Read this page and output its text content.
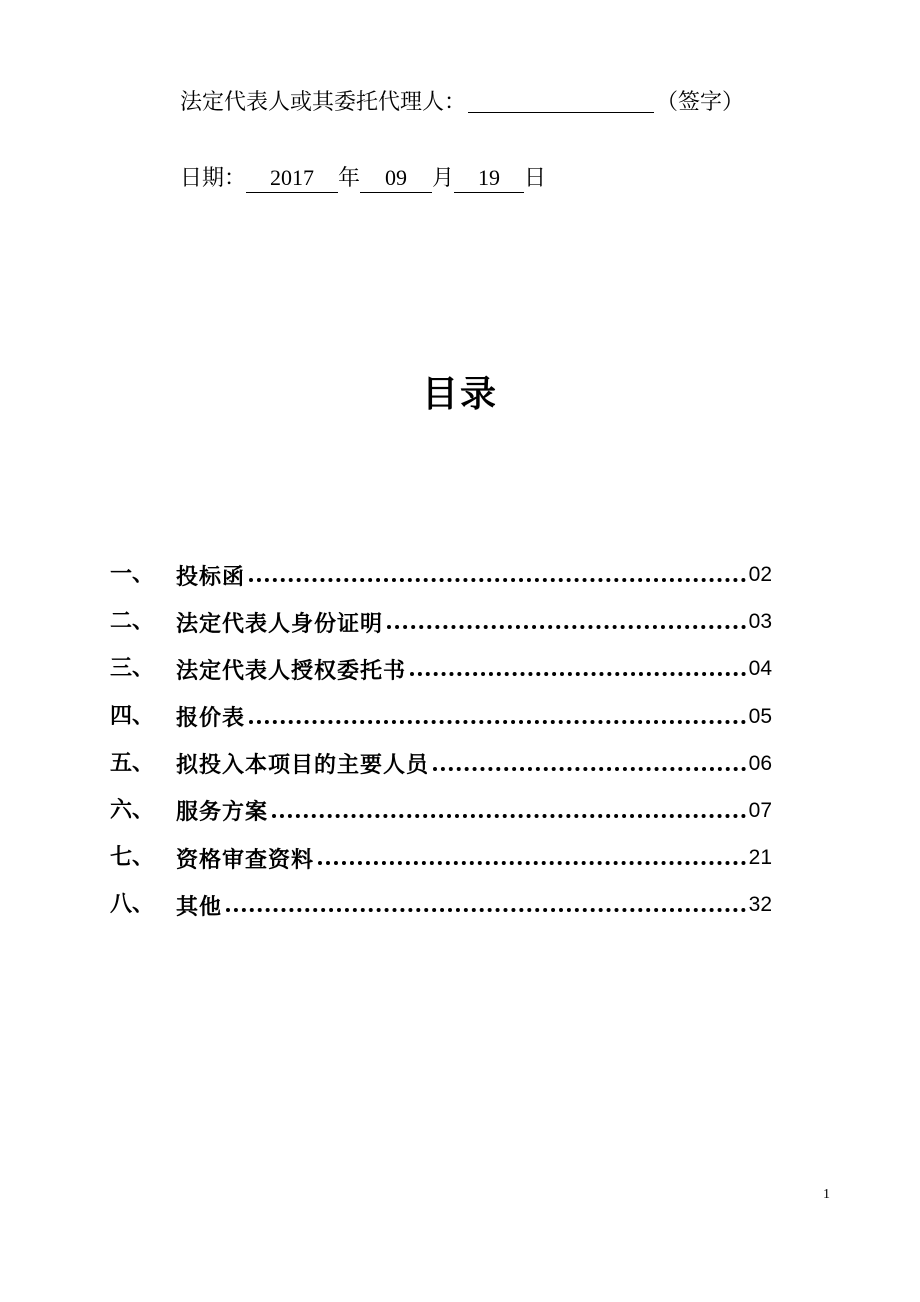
法定代表人或其委托代理人：	（签字）
日期： 2017 年 09 月 19 日
目录
一、 投标函	02
二、 法定代表人身份证明	03
三、 法定代表人授权委托书	04
四、 报价表	05
五、 拟投入本项目的主要人员	06
六、 服务方案	07
七、 资格审查资料	21
八、 其他	32
1
